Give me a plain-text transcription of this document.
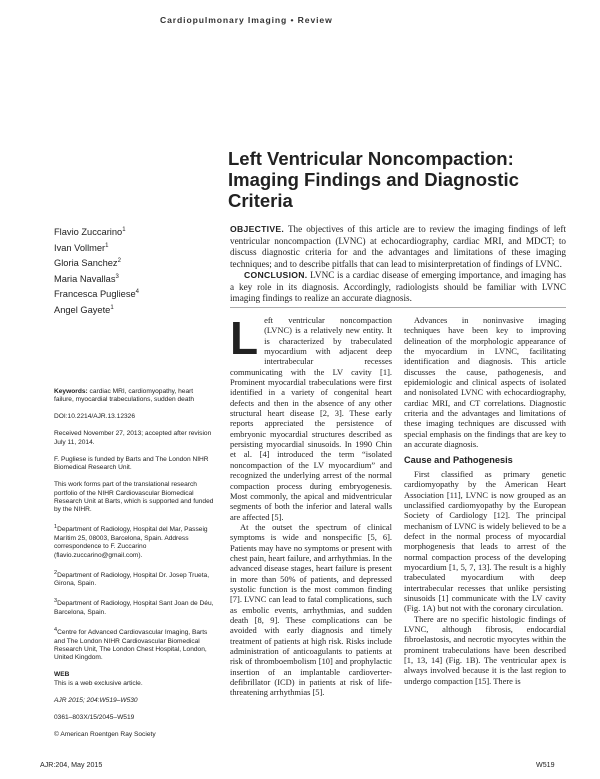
Cardiopulmonary Imaging • Review
Left Ventricular Noncompaction: Imaging Findings and Diagnostic Criteria
Flavio Zuccarino$^1$
Ivan Vollmer$^1$
Gloria Sanchez$^2$
Maria Navallas$^3$
Francesca Pugliese$^4$
Angel Gayete$^1$

OBJECTIVE. The objectives of this article are to review the imaging findings of left ventricular noncompaction (LVNC) at echocardiography, cardiac MRI, and MDCT; to discuss diagnostic criteria for and the advantages and limitations of these imaging techniques; and to describe pitfalls that can lead to misinterpretation of findings of LVNC.

CONCLUSION. LVNC is a cardiac disease of emerging importance, and imaging has a key role in its diagnosis. Accordingly, radiologists should be familiar with LVNC imaging findings to realize an accurate diagnosis.

Keywords: cardiac MRI, cardiomyopathy, heart failure, myocardial trabeculations, sudden death

DOI:10.2214/AJR.13.12326

Received November 27, 2013; accepted after revision July 11, 2014.

F. Pugliese is funded by Barts and The London NIHR Biomedical Research Unit.

This work forms part of the translational research portfolio of the NIHR Cardiovascular Biomedical Research Unit at Barts, which is supported and funded by the NIHR.

$^1$Department of Radiology, Hospital del Mar, Passeig Marítim 25, 08003, Barcelona, Spain. Address correspondence to F. Zuccarino (flavio.zuccarino@gmail.com).

$^2$Department of Radiology, Hospital Dr. Josep Trueta, Girona, Spain.

$^3$Department of Radiology, Hospital Sant Joan de Déu, Barcelona, Spain.

$^4$Centre for Advanced Cardiovascular Imaging, Barts and The London NIHR Cardiovascular Biomedical Research Unit, The London Chest Hospital, London, United Kingdom.

WEB

This is a web exclusive article.

AJR 2015; 204:W519–W530

0361–803X/15/2045–W519

© American Roentgen Ray Society

Left ventricular noncompaction (LVNC) is a relatively new entity. It is characterized by trabeculated myocardium with adjacent deep intertrabecular recesses communicating with the LV cavity [1]. Prominent myocardial trabeculations were first identified in a variety of congenital heart defects and then in the absence of any other structural heart disease [2, 3]. These early reports appreciated the persistence of embryonic myocardial structures described as persisting myocardial sinusoids. In 1990 Chin et al. [4] introduced the term “isolated noncompaction of the LV myocardium” and recognized the underlying arrest of the normal compaction process during embryogenesis. Most commonly, the apical and midventricular segments of both the inferior and lateral walls are affected [5].

At the outset the spectrum of clinical symptoms is wide and nonspecific [5, 6]. Patients may have no symptoms or present with chest pain, heart failure, and arrhythmias. In the advanced disease stages, heart failure is present in more than 50% of patients, and depressed systolic function is the most common finding [7]. LVNC can lead to fatal complications, such as embolic events, arrhythmias, and sudden death [8, 9]. These complications can be avoided with early diagnosis and timely treatment of patients at high risk. Risks include administration of anticoagulants to patients at risk of thromboembolism [10] and prophylactic insertion of an implantable cardioverter-defibrillator (ICD) in patients at risk of life-threatening arrhythmias [5].

Advances in noninvasive imaging techniques have been key to improving delineation of the morphologic appearance of the myocardium in LVNC, facilitating identification and diagnosis. This article discusses the cause, pathogenesis, and epidemiologic and clinical aspects of isolated and nonisolated LVNC with echocardiography, cardiac MRI, and CT correlations. Diagnostic criteria and the advantages and limitations of these imaging techniques are discussed with special emphasis on the findings that are key to an accurate diagnosis.

Cause and Pathogenesis

First classified as primary genetic cardiomyopathy by the American Heart Association [11], LVNC is now grouped as an unclassified cardiomyopathy by the European Society of Cardiology [12]. The principal mechanism of LVNC is widely believed to be a defect in the normal process of myocardial morphogenesis that leads to arrest of the normal compaction process of the developing myocardium [1, 5, 7, 13]. The result is a highly trabeculated myocardium with deep intertrabecular recesses that unlike persisting sinusoids [1] communicate with the LV cavity (Fig. 1A) but not with the coronary circulation.

There are no specific histologic findings of LVNC, although fibrosis, endocardial fibroelastosis, and necrotic myocytes within the prominent trabeculations have been described [1, 13, 14] (Fig. 1B). The ventricular apex is always involved because it is the last region to undergo compaction [15]. There is

AJR:204, May 2015	W519
